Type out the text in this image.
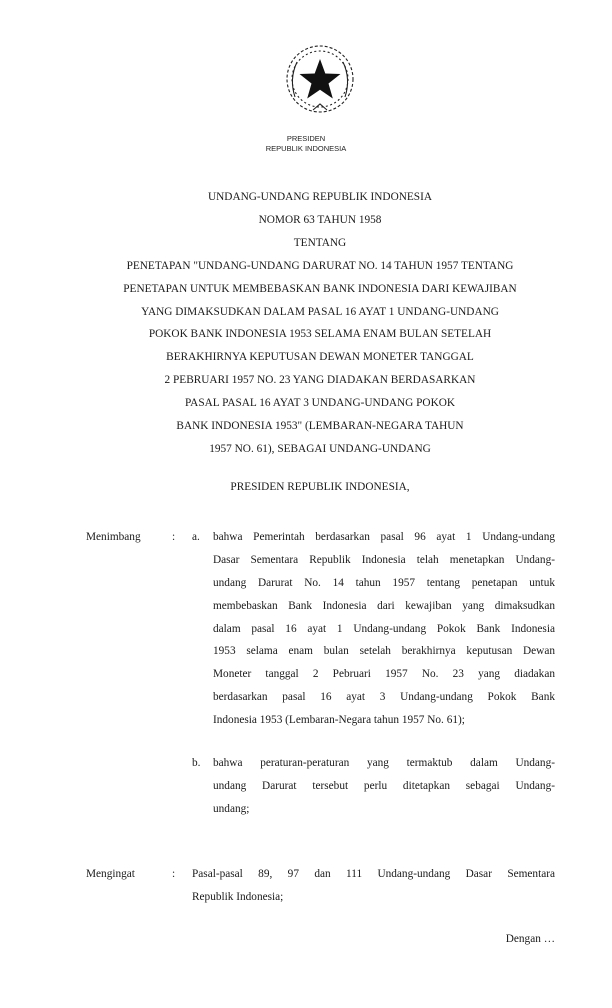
PRESIDEN
REPUBLIK INDONESIA
UNDANG-UNDANG REPUBLIK INDONESIA
NOMOR 63 TAHUN 1958
TENTANG
PENETAPAN "UNDANG-UNDANG DARURAT NO. 14 TAHUN 1957 TENTANG
PENETAPAN UNTUK MEMBEBASKAN BANK INDONESIA DARI KEWAJIBAN
YANG DIMAKSUDKAN DALAM PASAL 16 AYAT 1 UNDANG-UNDANG
POKOK BANK INDONESIA 1953 SELAMA ENAM BULAN SETELAH
BERAKHIRNYA KEPUTUSAN DEWAN MONETER TANGGAL
2 PEBRUARI 1957 NO. 23 YANG DIADAKAN BERDASARKAN
PASAL PASAL 16 AYAT 3 UNDANG-UNDANG POKOK
BANK INDONESIA 1953" (LEMBARAN-NEGARA TAHUN
1957 NO. 61), SEBAGAI UNDANG-UNDANG
PRESIDEN REPUBLIK INDONESIA,
Menimbang	: a. bahwa Pemerintah berdasarkan pasal 96 ayat 1 Undang-undang
Dasar Sementara Republik Indonesia telah menetapkan Undang-
undang Darurat No. 14 tahun 1957 tentang penetapan untuk
membebaskan Bank Indonesia dari kewajiban yang dimaksudkan
dalam pasal 16 ayat 1 Undang-undang Pokok Bank Indonesia
1953 selama enam bulan setelah berakhirnya keputusan Dewan
Moneter tanggal 2 Pebruari 1957 No. 23 yang diadakan
berdasarkan pasal 16 ayat 3 Undang-undang Pokok Bank
Indonesia 1953 (Lembaran-Negara tahun 1957 No. 61);
b. bahwa peraturan-peraturan yang termaktub dalam Undang-
undang Darurat tersebut perlu ditetapkan sebagai Undang-
undang;
Mengingat	: Pasal-pasal 89, 97 dan 111 Undang-undang Dasar Sementara
Republik Indonesia;
Dengan …
